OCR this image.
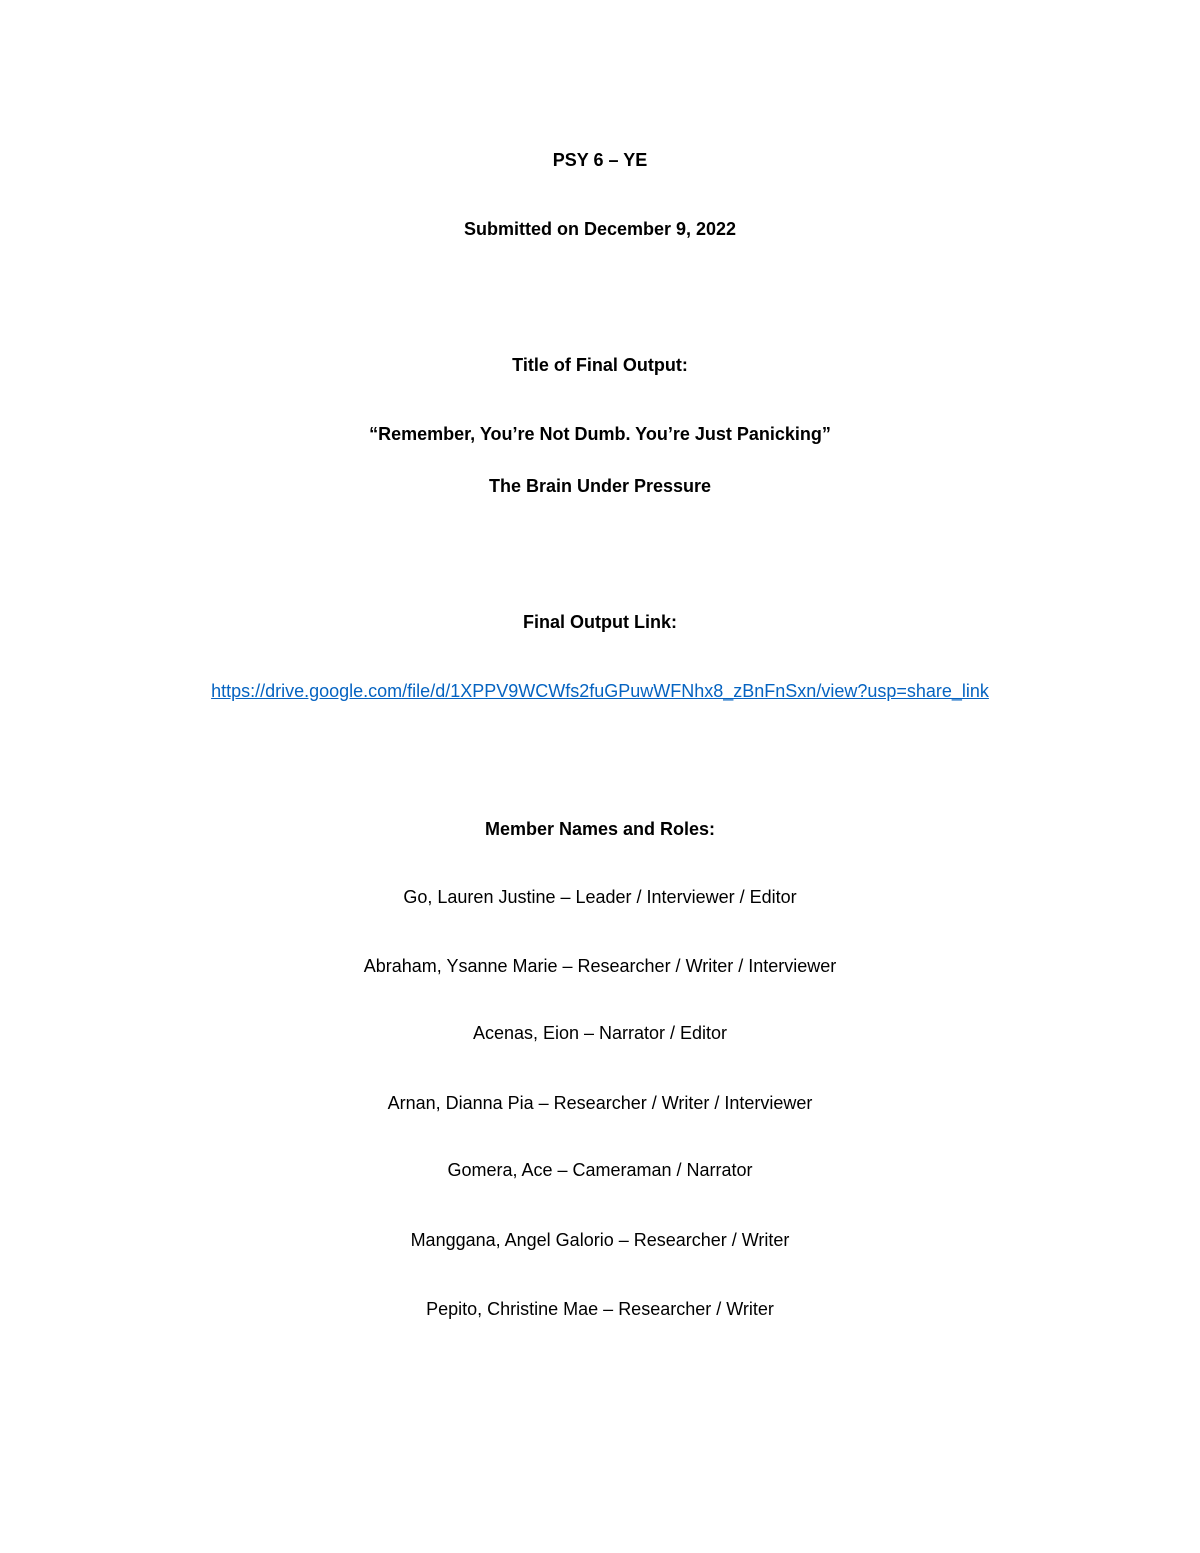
PSY 6 – YE
Submitted on December 9, 2022
Title of Final Output:
“Remember, You’re Not Dumb. You’re Just Panicking”
The Brain Under Pressure
Final Output Link:
https://drive.google.com/file/d/1XPPV9WCWfs2fuGPuwWFNhx8_zBnFnSxn/view?usp=share_link
Member Names and Roles:
Go, Lauren Justine – Leader / Interviewer / Editor
Abraham, Ysanne Marie – Researcher / Writer / Interviewer
Acenas, Eion – Narrator / Editor
Arnan, Dianna Pia – Researcher / Writer / Interviewer
Gomera, Ace – Cameraman / Narrator
Manggana, Angel Galorio – Researcher / Writer
Pepito, Christine Mae – Researcher / Writer
